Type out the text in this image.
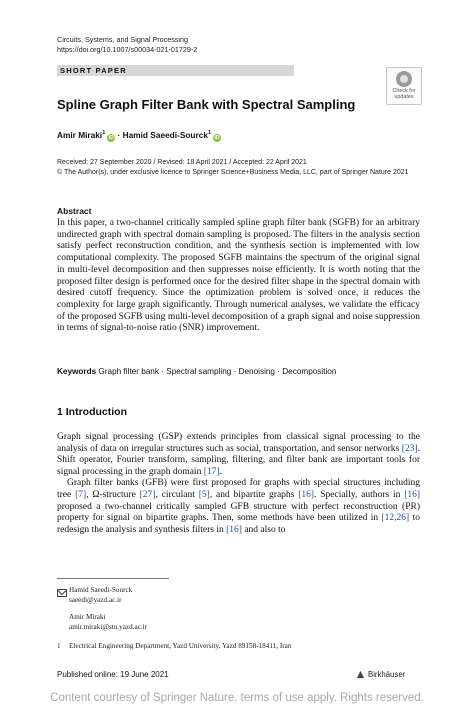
Circuits, Systems, and Signal Processing
https://doi.org/10.1007/s00034-021-01729-2
SHORT PAPER
Check for
updates
Spline Graph Filter Bank with Spectral Sampling
Amir Miraki$^1$iD · Hamid Saeedi-Sourck$^1$iD
Received: 27 September 2020 / Revised: 18 April 2021 / Accepted: 22 April 2021
© The Author(s), under exclusive licence to Springer Science+Business Media, LLC, part of Springer Nature 2021
Abstract
In this paper, a two-channel critically sampled spline graph filter bank (SGFB) for an arbitrary undirected graph with spectral domain sampling is proposed. The filters in the analysis section satisfy perfect reconstruction condition, and the synthesis section is implemented with low computational complexity. The proposed SGFB maintains the spectrum of the original signal in multi-level decomposition and then suppresses noise efficiently. It is worth noting that the proposed filter design is performed once for the desired filter shape in the spectral domain with desired cutoff frequency. Since the optimization problem is solved once, it reduces the complexity for large graph significantly. Through numerical analyses, we validate the efficacy of the proposed SGFB using multi-level decomposition of a graph signal and noise suppression in terms of signal-to-noise ratio (SNR) improvement.
Keywords Graph filter bank · Spectral sampling · Denoising · Decomposition
1 Introduction

Graph signal processing (GSP) extends principles from classical signal processing to the analysis of data on irregular structures such as social, transportation, and sensor networks [23]. Shift operator, Fourier transform, sampling, filtering, and filter bank are important tools for signal processing in the graph domain [17].

Graph filter banks (GFB) were first proposed for graphs with special structures including tree [7], Ω-structure [27], circulant [5], and bipartite graphs [16]. Specially, authors in [16] proposed a two-channel critically sampled GFB structure with perfect reconstruction (PR) property for signal on bipartite graphs. Then, some methods have been utilized in [12,26] to redesign the analysis and synthesis filters in [16] and also to

Hamid Saeedi-Sourck
saeedi@yazd.ac.ir
Amir Miraki
amir.miraki@stu.yazd.ac.ir
1 Electrical Engineering Department, Yazd University, Yazd 89158-18411, Iran
Published online: 19 June 2021	Birkhäuser
Content courtesy of Springer Nature, terms of use apply. Rights reserved.
